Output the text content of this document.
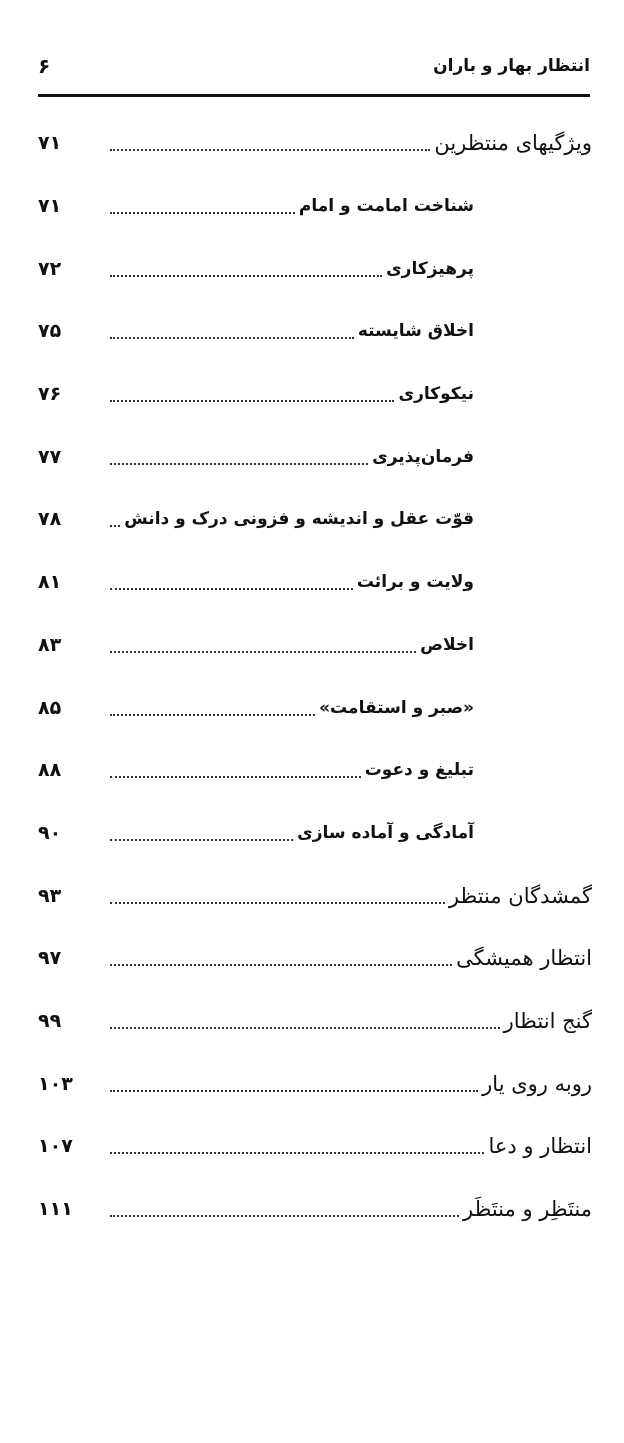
۶	انتظار بهار و باران
ویژگیهای منتظرین
۷۱
شناخت امامت و امام
۷۱
پرهیزکاری
۷۲
اخلاق شایسته
۷۵
نیکوکاری
۷۶
فرمان‌پذیری
۷۷
قوّت عقل و اندیشه و فزونی درک و دانش
۷۸
ولایت و برائت
۸۱
اخلاص
۸۳
«صبر و استقامت»
۸۵
تبلیغ و دعوت
۸۸
آمادگی و آماده سازی
۹۰
گمشدگان منتظر
۹۳
انتظار همیشگی
۹۷
گنج انتظار
۹۹
روبه روی یار
۱۰۳
انتظار و دعا
۱۰۷
منتَظِر و منتَظَر
۱۱۱
